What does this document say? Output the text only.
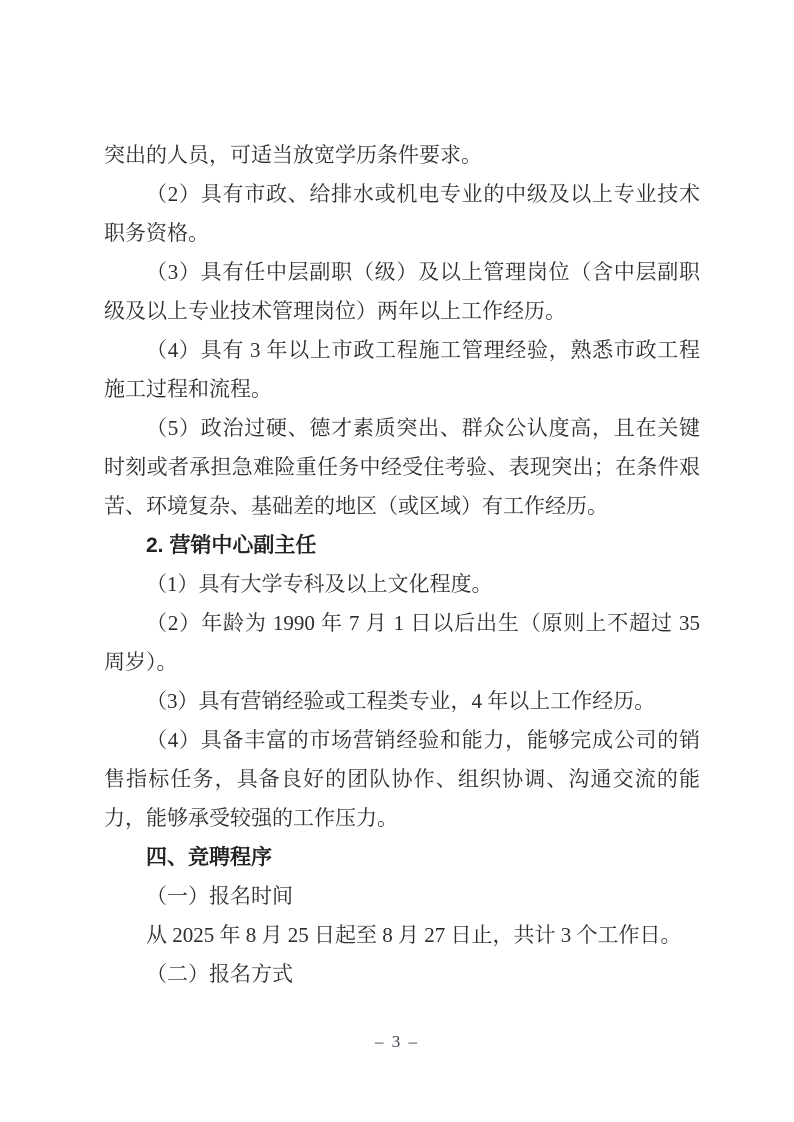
突出的人员，可适当放宽学历条件要求。

（2）具有市政、给排水或机电专业的中级及以上专业技术职务资格。

（3）具有任中层副职（级）及以上管理岗位（含中层副职级及以上专业技术管理岗位）两年以上工作经历。

（4）具有 3 年以上市政工程施工管理经验，熟悉市政工程施工过程和流程。

（5）政治过硬、德才素质突出、群众公认度高，且在关键时刻或者承担急难险重任务中经受住考验、表现突出；在条件艰苦、环境复杂、基础差的地区（或区域）有工作经历。

2. 营销中心副主任

（1）具有大学专科及以上文化程度。

（2）年龄为 1990 年 7 月 1 日以后出生（原则上不超过 35 周岁）。

（3）具有营销经验或工程类专业，4 年以上工作经历。

（4）具备丰富的市场营销经验和能力，能够完成公司的销售指标任务，具备良好的团队协作、组织协调、沟通交流的能力，能够承受较强的工作压力。

四、竞聘程序

（一）报名时间

从 2025 年 8 月 25 日起至 8 月 27 日止，共计 3 个工作日。

（二）报名方式

– 3 –
